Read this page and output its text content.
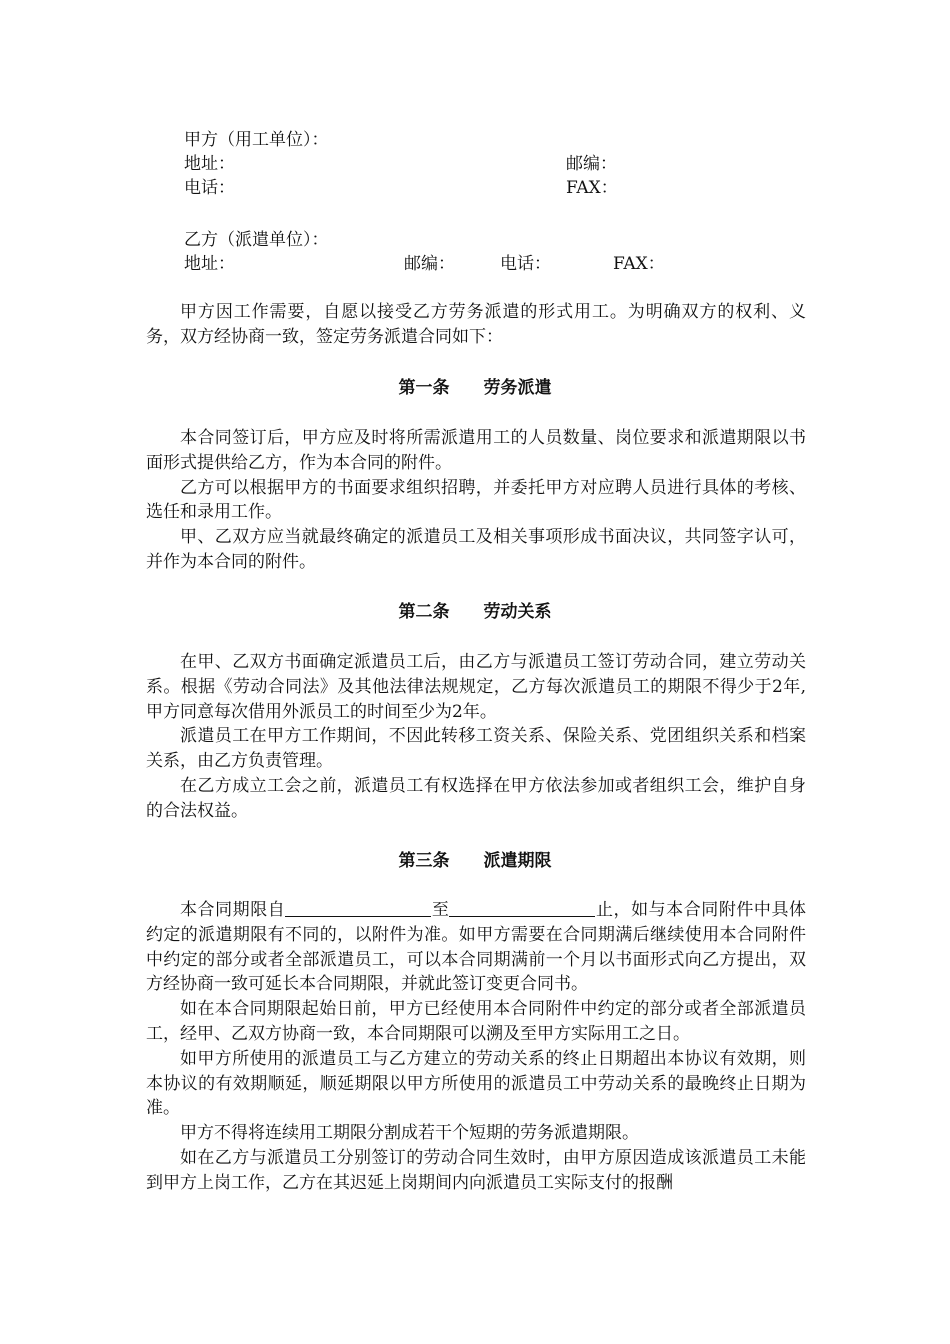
甲方（用工单位）：
地址：	邮编：
电话：	FAX：
乙方（派遣单位）：
地址：	邮编：	电话：	FAX：

甲方因工作需要，自愿以接受乙方劳务派遣的形式用工。为明确双方的权利、义务，双方经协商一致，签定劳务派遣合同如下：

第一条　　劳务派遣

本合同签订后，甲方应及时将所需派遣用工的人员数量、岗位要求和派遣期限以书面形式提供给乙方，作为本合同的附件。

乙方可以根据甲方的书面要求组织招聘，并委托甲方对应聘人员进行具体的考核、选任和录用工作。

甲、乙双方应当就最终确定的派遣员工及相关事项形成书面决议，共同签字认可，并作为本合同的附件。

第二条　　劳动关系

在甲、乙双方书面确定派遣员工后，由乙方与派遣员工签订劳动合同，建立劳动关系。根据《劳动合同法》及其他法律法规规定，乙方每次派遣员工的期限不得少于2年,甲方同意每次借用外派员工的时间至少为2年。

派遣员工在甲方工作期间，不因此转移工资关系、保险关系、党团组织关系和档案关系，由乙方负责管理。

在乙方成立工会之前，派遣员工有权选择在甲方依法参加或者组织工会，维护自身的合法权益。

第三条　　派遣期限

本合同期限自	至	止，如与本合同附件中具体约定的派遣期限有不同的，以附件为准。如甲方需要在合同期满后继续使用本合同附件中约定的部分或者全部派遣员工，可以本合同期满前一个月以书面形式向乙方提出，双方经协商一致可延长本合同期限，并就此签订变更合同书。

如在本合同期限起始日前，甲方已经使用本合同附件中约定的部分或者全部派遣员工，经甲、乙双方协商一致，本合同期限可以溯及至甲方实际用工之日。

如甲方所使用的派遣员工与乙方建立的劳动关系的终止日期超出本协议有效期，则本协议的有效期顺延，顺延期限以甲方所使用的派遣员工中劳动关系的最晚终止日期为准。

甲方不得将连续用工期限分割成若干个短期的劳务派遣期限。

如在乙方与派遣员工分别签订的劳动合同生效时，由甲方原因造成该派遣员工未能到甲方上岗工作，乙方在其迟延上岗期间内向派遣员工实际支付的报酬
